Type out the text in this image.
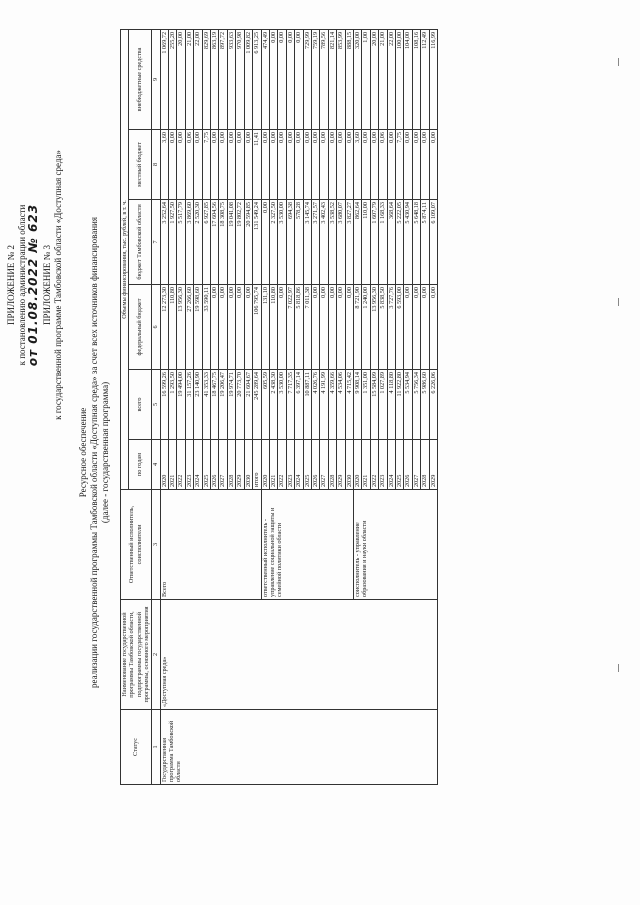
ПРИЛОЖЕНИЕ № 2 к постановлению администрации области от 01.08.2022 № 623 ПРИЛОЖЕНИЕ № 3 к государственной программе Тамбовской области «Доступная среда»
Ресурсное обеспечение реализации государственной программы Тамбовской области «Доступная среда» за счет всех источников финансирования (далее - государственная программа)
Статус	Наименование государственной программы Тамбовской области, подпрограммы государственной программы, основного мероприятия	Ответственный исполнитель, соисполнители	Объемы финансирования, тыс. рублей, в т. ч.					
			по годам	всего	федеральный бюджет	бюджет Тамбовской области	местный бюджет	внебюджетные средства

1	2	3	4	5	6	7	8	9
Государственная программа Тамбовской области	«Доступная среда»	Всего	2020	16 599,26	12 273,30	3 252,64	3,60	1 069,72
			2021	1 293,50	110,80	1 927,50	0,00	255,20
			2022	19 494,00	13 956,30	5 517,79	0,00	20,00
			2023	31 157,26	27 266,60	3 869,60	0,06	21,00
			2024	23 140,90	19 598,60	2 520,30	0,00	22,00
			2025	41 353,33	33 590,11	6 927,85	7,75	829,69
			2026	18 467,75	0,00	17 604,56	0,00	863,19
			2027	19 206,47	0,00	18 308,75	0,00	897,72
			2028	19 974,71	0,00	19 041,08	0,00	933,63
			2029	20 773,70	0,00	19 802,72	0,00	970,98
			2030	21 604,67	0,00	20 594,85	0,00	1 009,82
			итого	245 289,64	106 795,74	131 549,24	11,41	6 913,25
		ответственный исполнитель - управление социальной защиты и семейной политики области	2020	605,59	131,10	0,00	0,00	474,49
			2021	2 438,30	110,80	2 327,50	0,00	0,00
			2022	3 530,00	0,00	3 530,00	0,00	0,00
			2023	7 717,35	7 022,97	694,38	0,00	0,00
			2024	6 397,14	5 818,86	578,28	0,00	0,00
			2025	10 887,11	7 011,38	3 145,74	0,00	729,99
			2026	4 026,76	0,00	3 271,57	0,00	759,19
			2027	4 191,99	0,00	3 402,43	0,00	789,56
			2028	4 359,66	0,00	3 538,52	0,00	821,14
			2029	4 534,06	0,00	3 680,07	0,00	853,99
			2030	4 715,42	0,00	3 827,27	0,00	888,15
		соисполнитель - управление образования и науки области	2020	9 908,14	8 721,90	862,64	3,60	320,00
			2021	1 351,00	1 240,00	110,00	0,00	1,00
			2022	15 584,09	13 956,30	1 607,79	0,00	20,00
			2023	1 027,89	5 838,50	1 168,33	0,06	21,00
			2024	4 118,80	3 727,76	368,64	0,00	22,00
			2025	11 922,80	6 593,00	5 222,05	7,75	100,00
			2026	5 534,94	0,00	5 430,94	0,00	104,00
			2027	5 756,34	0,00	5 648,18	0,00	108,16
			2028	5 986,60	0,00	5 874,11	0,00	112,49
			2029	6 226,06	0,00	6 109,07	0,00	116,99
